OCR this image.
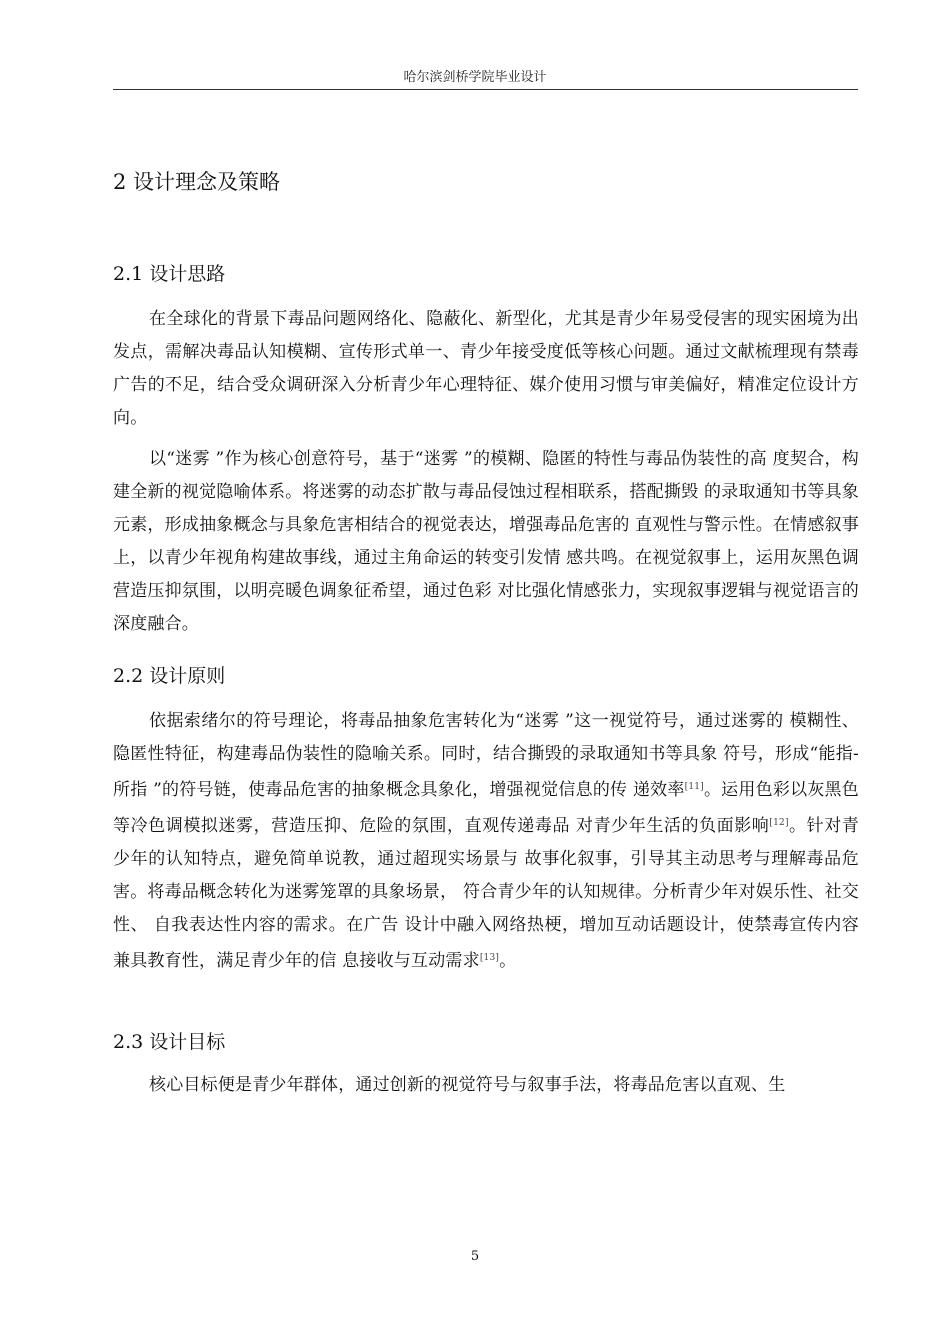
哈尔滨剑桥学院毕业设计
2 设计理念及策略
2.1 设计思路

在全球化的背景下毒品问题网络化、隐蔽化、新型化，尤其是青少年易受侵害的现实困境为出发点，需解决毒品认知模糊、宣传形式单一、青少年接受度低等核心问题。通过文献梳理现有禁毒广告的不足，结合受众调研深入分析青少年心理特征、媒介使用习惯与审美偏好，精准定位设计方向。

以“迷雾 ”作为核心创意符号，基于“迷雾 ”的模糊、隐匿的特性与毒品伪装性的高 度契合，构建全新的视觉隐喻体系。将迷雾的动态扩散与毒品侵蚀过程相联系，搭配撕毁 的录取通知书等具象元素，形成抽象概念与具象危害相结合的视觉表达，增强毒品危害的 直观性与警示性。在情感叙事上，以青少年视角构建故事线，通过主角命运的转变引发情 感共鸣。在视觉叙事上，运用灰黑色调营造压抑氛围，以明亮暖色调象征希望，通过色彩 对比强化情感张力，实现叙事逻辑与视觉语言的深度融合。

2.2 设计原则

依据索绪尔的符号理论，将毒品抽象危害转化为“迷雾 ”这一视觉符号，通过迷雾的 模糊性、隐匿性特征，构建毒品伪装性的隐喻关系。同时，结合撕毁的录取通知书等具象 符号，形成“能指-所指 ”的符号链，使毒品危害的抽象概念具象化，增强视觉信息的传 递效率[11]。运用色彩以灰黑色等冷色调模拟迷雾，营造压抑、危险的氛围，直观传递毒品 对青少年生活的负面影响[12]。针对青少年的认知特点，避免简单说教，通过超现实场景与 故事化叙事，引导其主动思考与理解毒品危害。将毒品概念转化为迷雾笼罩的具象场景， 符合青少年的认知规律。分析青少年对娱乐性、社交性、 自我表达性内容的需求。在广告 设计中融入网络热梗，增加互动话题设计，使禁毒宣传内容兼具教育性，满足青少年的信 息接收与互动需求[13]。

2.3 设计目标

核心目标便是青少年群体，通过创新的视觉符号与叙事手法，将毒品危害以直观、生

5
